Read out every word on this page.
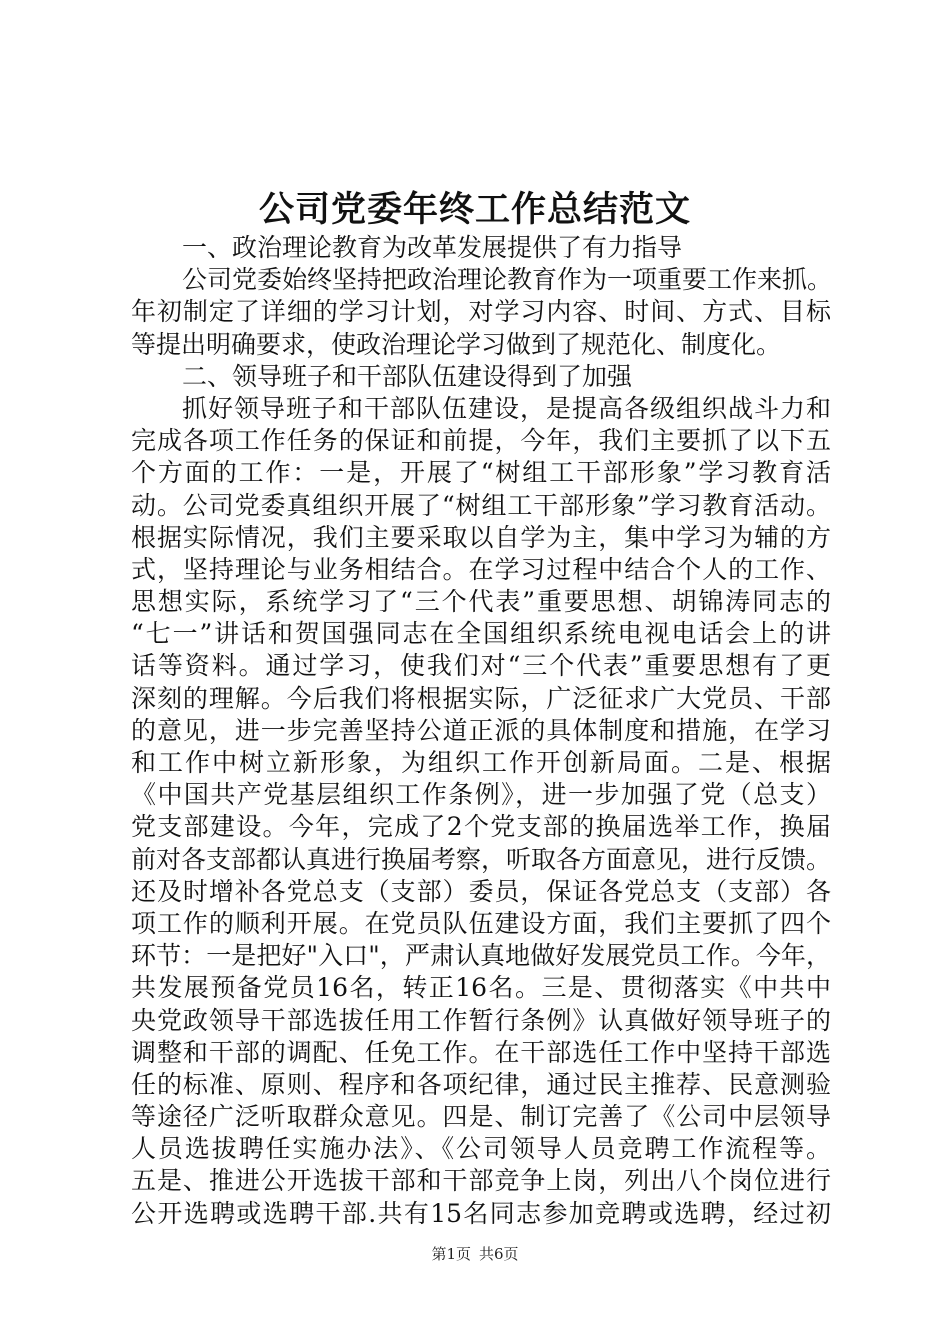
公司党委年终工作总结范文
一、政治理论教育为改革发展提供了有力指导
公司党委始终坚持把政治理论教育作为一项重要工作来抓。
年初制定了详细的学习计划，对学习内容、时间、方式、目标
等提出明确要求，使政治理论学习做到了规范化、制度化。
二、领导班子和干部队伍建设得到了加强
抓好领导班子和干部队伍建设，是提高各级组织战斗力和
完成各项工作任务的保证和前提，今年，我们主要抓了以下五
个方面的工作：一是，开展了“树组工干部形象”学习教育活
动。公司党委真组织开展了“树组工干部形象”学习教育活动。
根据实际情况，我们主要采取以自学为主，集中学习为辅的方
式，坚持理论与业务相结合。在学习过程中结合个人的工作、
思想实际，系统学习了“三个代表”重要思想、胡锦涛同志的
“七一”讲话和贺国强同志在全国组织系统电视电话会上的讲
话等资料。通过学习，使我们对“三个代表”重要思想有了更
深刻的理解。今后我们将根据实际，广泛征求广大党员、干部
的意见，进一步完善坚持公道正派的具体制度和措施，在学习
和工作中树立新形象，为组织工作开创新局面。二是、根据
《中国共产党基层组织工作条例》，进一步加强了党（总支）
党支部建设。今年，完成了2个党支部的换届选举工作，换届
前对各支部都认真进行换届考察，听取各方面意见，进行反馈。
还及时增补各党总支（支部）委员，保证各党总支（支部）各
项工作的顺利开展。在党员队伍建设方面，我们主要抓了四个
环节：一是把好"入口"，严肃认真地做好发展党员工作。今年，
共发展预备党员16名，转正16名。三是、贯彻落实《中共中
央党政领导干部选拔任用工作暂行条例》认真做好领导班子的
调整和干部的调配、任免工作。在干部选任工作中坚持干部选
任的标准、原则、程序和各项纪律，通过民主推荐、民意测验
等途径广泛听取群众意见。四是、制订完善了《公司中层领导
人员选拔聘任实施办法》、《公司领导人员竞聘工作流程等。
五是、推进公开选拔干部和干部竞争上岗，列出八个岗位进行
公开选聘或选聘干部.共有15名同志参加竞聘或选聘，经过初
第1页 共6页
